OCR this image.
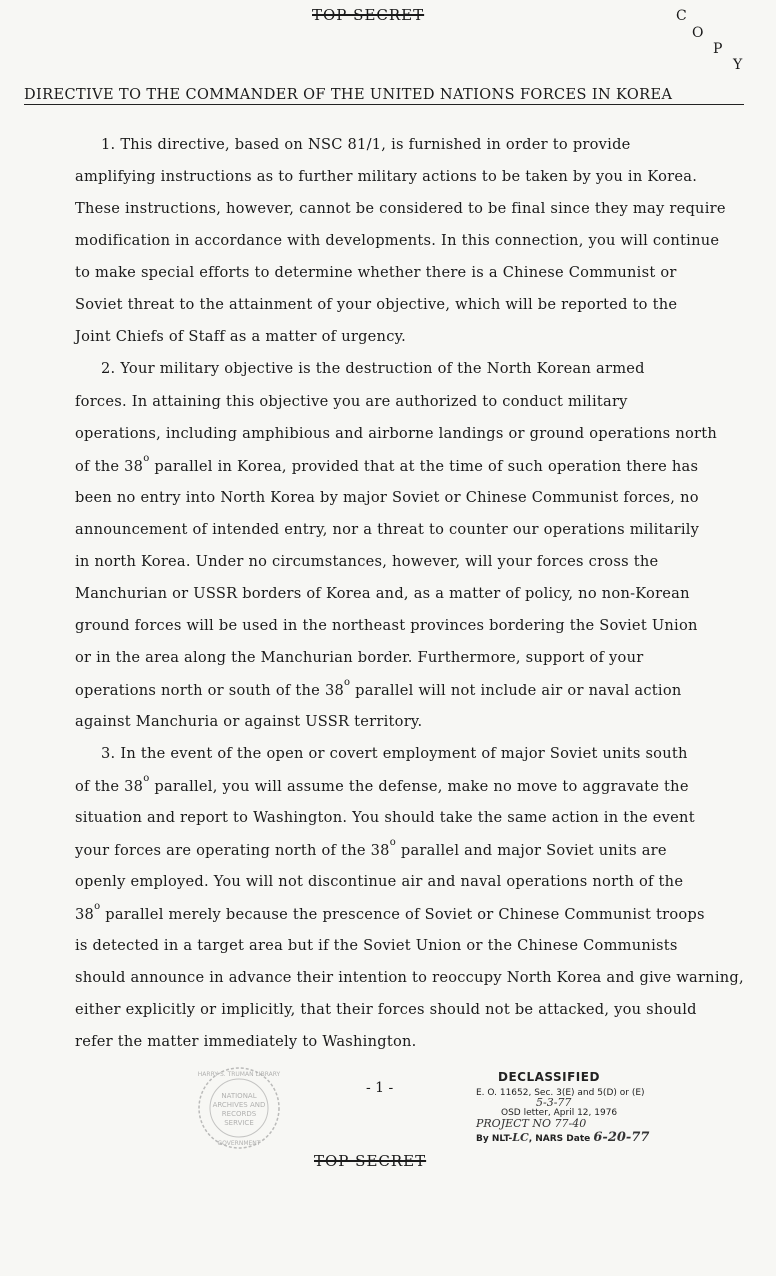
TOP SECRET	C
O
P
Y
DIRECTIVE TO THE COMMANDER OF THE UNITED NATIONS FORCES IN KOREA
1. This directive, based on NSC 81/1, is furnished in order to provide
amplifying instructions as to further military actions to be taken by you in Korea.
These instructions, however, cannot be considered to be final since they may require
modification in accordance with developments. In this connection, you will continue
to make special efforts to determine whether there is a Chinese Communist or
Soviet threat to the attainment of your objective, which will be reported to the
Joint Chiefs of Staff as a matter of urgency.
2. Your military objective is the destruction of the North Korean armed
forces. In attaining this objective you are authorized to conduct military
operations, including amphibious and airborne landings or ground operations north
of the 38$^o$ parallel in Korea, provided that at the time of such operation there has
been no entry into North Korea by major Soviet or Chinese Communist forces, no
announcement of intended entry, nor a threat to counter our operations militarily
in north Korea. Under no circumstances, however, will your forces cross the
Manchurian or USSR borders of Korea and, as a matter of policy, no non-Korean
ground forces will be used in the northeast provinces bordering the Soviet Union
or in the area along the Manchurian border. Furthermore, support of your
operations north or south of the 38$^o$ parallel will not include air or naval action
against Manchuria or against USSR territory.
3. In the event of the open or covert employment of major Soviet units south
of the 38$^o$ parallel, you will assume the defense, make no move to aggravate the
situation and report to Washington. You should take the same action in the event
your forces are operating north of the 38$^o$ parallel and major Soviet units are
openly employed. You will not discontinue air and naval operations north of the
38$^o$ parallel merely because the prescence of Soviet or Chinese Communist troops
is detected in a target area but if the Soviet Union or the Chinese Communists
should announce in advance their intention to reoccupy North Korea and give warning,
either explicitly or implicitly, that their forces should not be attacked, you should
refer the matter immediately to Washington.
NATIONAL
ARCHIVES AND
RECORDS
SERVICE
HARRY S. TRUMAN LIBRARY
GOVERNMENT
- 1 -
DECLASSIFIED
E. O. 11652, Sec. 3(E) and 5(D) or (E)
5-3-77
OSD letter, April 12, 1976
PROJECT NO 77-40
By NLT-LC, NARS Date 6-20-77
TOP SECRET
